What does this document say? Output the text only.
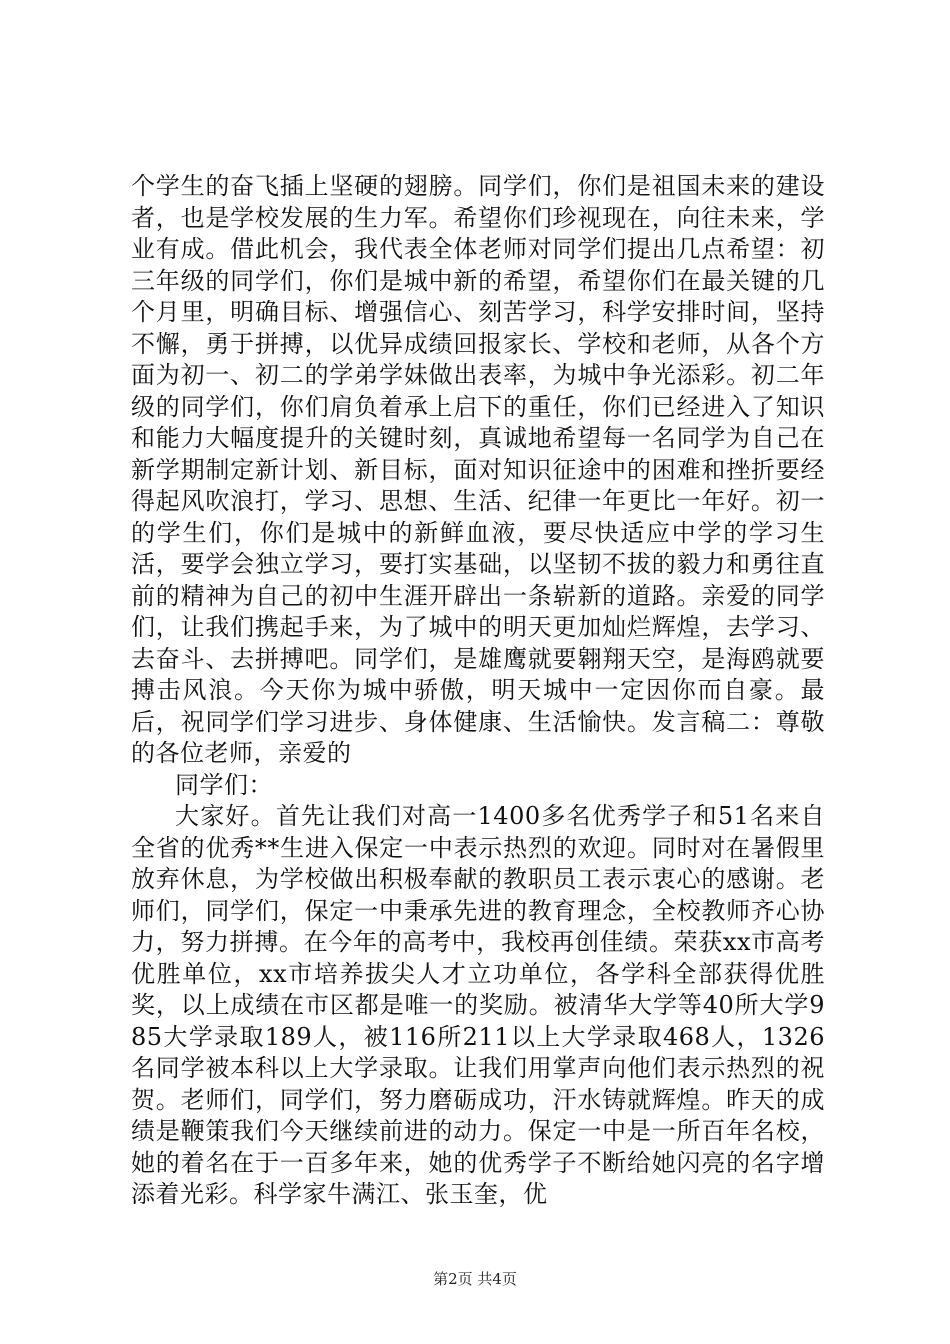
个学生的奋飞插上坚硬的翅膀。同学们，你们是祖国未来的建设者，也是学校发展的生力军。希望你们珍视现在，向往未来，学业有成。借此机会，我代表全体老师对同学们提出几点希望：初三年级的同学们，你们是城中新的希望，希望你们在最关键的几个月里，明确目标、增强信心、刻苦学习，科学安排时间，坚持不懈，勇于拼搏，以优异成绩回报家长、学校和老师，从各个方面为初一、初二的学弟学妹做出表率，为城中争光添彩。初二年级的同学们，你们肩负着承上启下的重任，你们已经进入了知识和能力大幅度提升的关键时刻，真诚地希望每一名同学为自己在新学期制定新计划、新目标，面对知识征途中的困难和挫折要经得起风吹浪打，学习、思想、生活、纪律一年更比一年好。初一的学生们，你们是城中的新鲜血液，要尽快适应中学的学习生活，要学会独立学习，要打实基础，以坚韧不拔的毅力和勇往直前的精神为自己的初中生涯开辟出一条崭新的道路。亲爱的同学们，让我们携起手来，为了城中的明天更加灿烂辉煌，去学习、去奋斗、去拼搏吧。同学们，是雄鹰就要翱翔天空，是海鸥就要搏击风浪。今天你为城中骄傲，明天城中一定因你而自豪。最后，祝同学们学习进步、身体健康、生活愉快。发言稿二：尊敬的各位老师，亲爱的

同学们：

大家好。首先让我们对高一1400多名优秀学子和51名来自全省的优秀**生进入保定一中表示热烈的欢迎。同时对在暑假里放弃休息，为学校做出积极奉献的教职员工表示衷心的感谢。老师们，同学们，保定一中秉承先进的教育理念，全校教师齐心协力，努力拼搏。在今年的高考中，我校再创佳绩。荣获xx市高考优胜单位，xx市培养拔尖人才立功单位，各学科全部获得优胜奖，以上成绩在市区都是唯一的奖励。被清华大学等40所大学985大学录取189人，被116所211以上大学录取468人，1326名同学被本科以上大学录取。让我们用掌声向他们表示热烈的祝贺。老师们，同学们，努力磨砺成功，汗水铸就辉煌。昨天的成绩是鞭策我们今天继续前进的动力。保定一中是一所百年名校，她的着名在于一百多年来，她的优秀学子不断给她闪亮的名字增添着光彩。科学家牛满江、张玉奎，优

第2页 共4页
